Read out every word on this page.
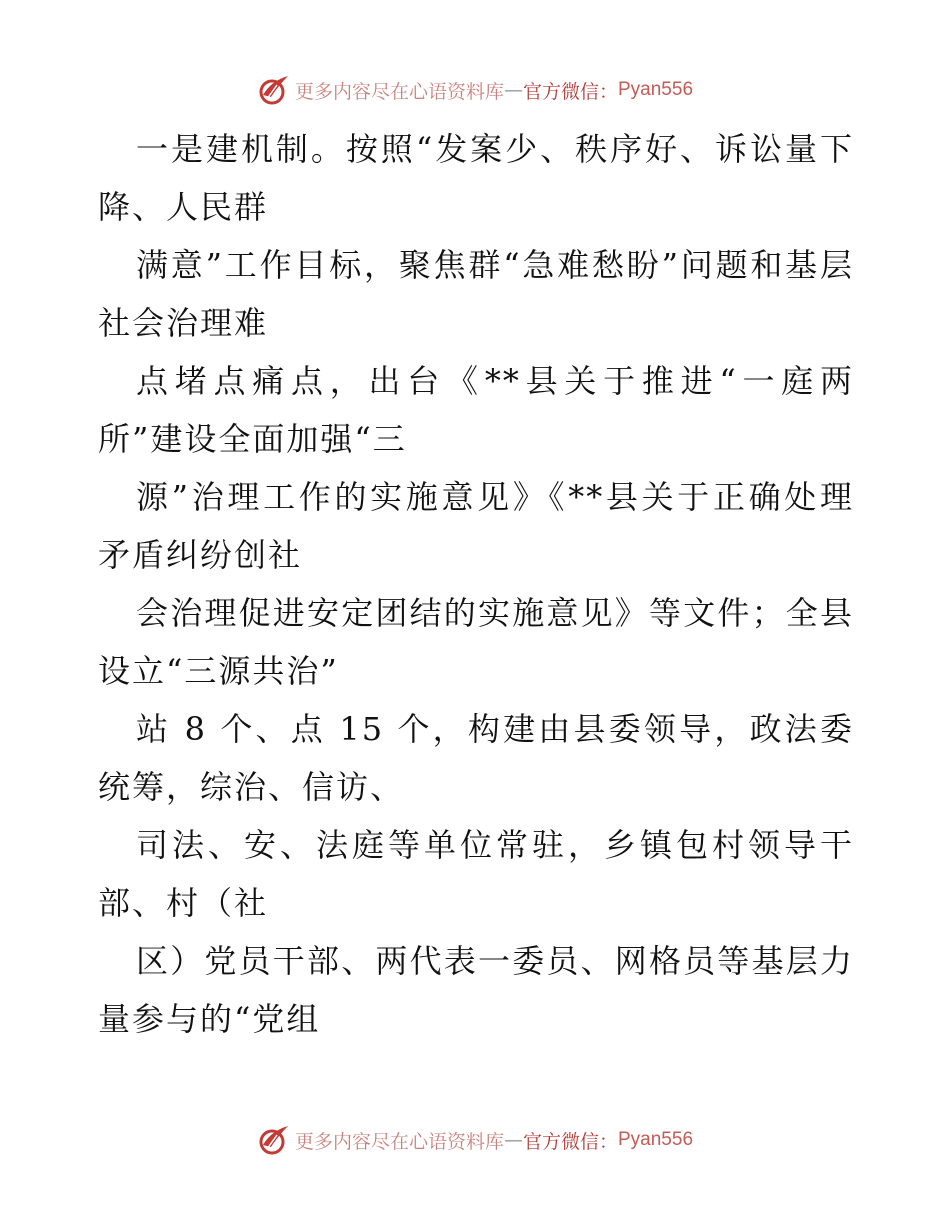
更多内容尽在心语资料库 — 官方微信： Pyan556

一是建机制。按照“发案少、秩序好、诉讼量下降、人民群

满意”工作目标，聚焦群“急难愁盼”问题和基层社会治理难

点堵点痛点，出台《**县关于推进“一庭两 所”建设全面加强“三

源”治理工作的实施意见》《**县关于正确处理矛盾纠纷创社

会治理促进安定团结的实施意见》等文件；全县设立“三源共治”

站 8 个、点 15 个，构建由县委领导，政法委统筹，综治、信访、

司法、安、法庭等单位常驻，乡镇包村领导干部、村（社

区）党员干部、两代表一委员、网格员等基层力量参与的“党组

更多内容尽在心语资料库 — 官方微信： Pyan556
